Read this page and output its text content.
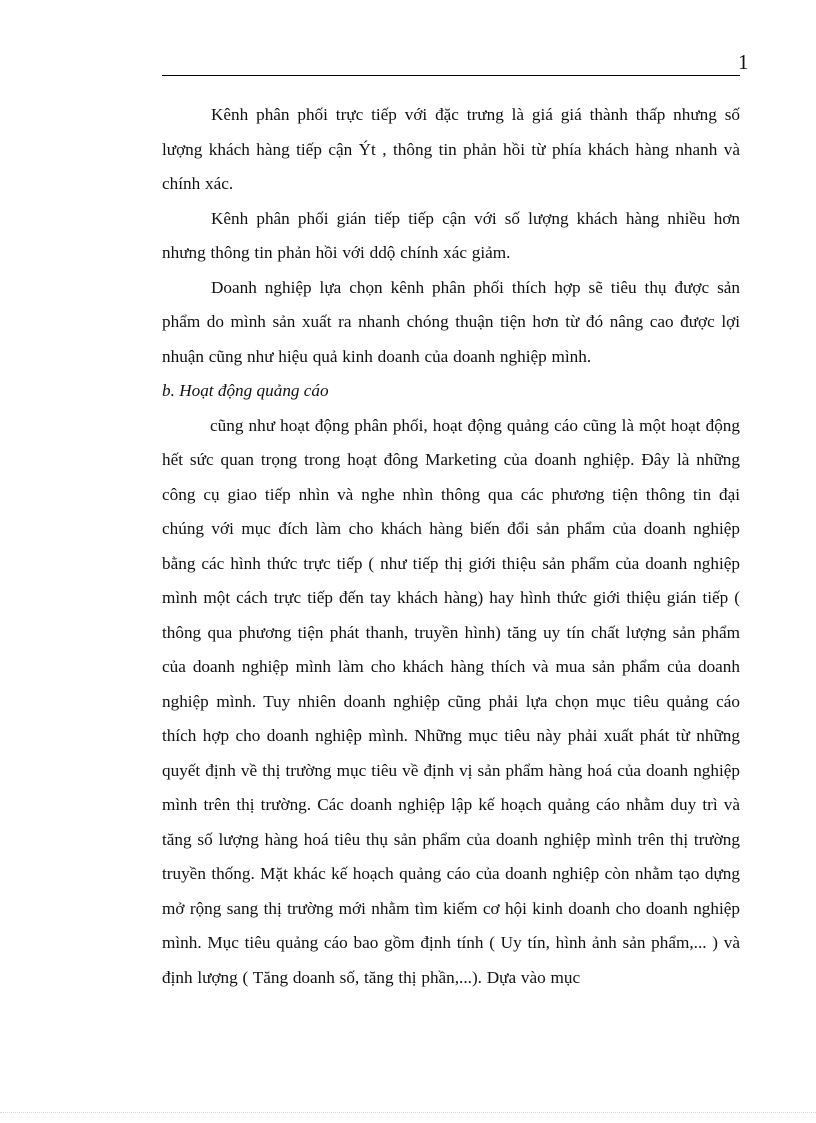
1

Kênh phân phối trực tiếp với đặc trưng là giá giá thành thấp nhưng số lượng khách hàng tiếp cận Ýt , thông tin phản hồi từ phía khách hàng nhanh và chính xác.

Kênh phân phối gián tiếp tiếp cận với số lượng khách hàng nhiều hơn nhưng thông tin phản hồi với ddộ chính xác giảm.

Doanh nghiệp lựa chọn kênh phân phối thích hợp sẽ tiêu thụ được sản phẩm do mình sản xuất ra nhanh chóng thuận tiện hơn từ đó nâng cao được lợi nhuận cũng như hiệu quả kinh doanh của doanh nghiệp mình.

b. Hoạt động quảng cáo

cũng như hoạt động phân phối, hoạt động quảng cáo cũng là một hoạt động hết sức quan trọng trong hoạt đông Marketing của doanh nghiệp. Đây là những công cụ giao tiếp nhìn và nghe nhìn thông qua các phương tiện thông tin đại chúng với mục đích làm cho khách hàng biến đổi sản phẩm của doanh nghiệp bằng các hình thức trực tiếp ( như tiếp thị giới thiệu sản phẩm của doanh nghiệp mình một cách trực tiếp đến tay khách hàng) hay hình thức giới thiệu gián tiếp ( thông qua phương tiện phát thanh, truyền hình) tăng uy tín chất lượng sản phẩm của doanh nghiệp mình làm cho khách hàng thích và mua sản phẩm của doanh nghiệp mình. Tuy nhiên doanh nghiệp cũng phải lựa chọn mục tiêu quảng cáo thích hợp cho doanh nghiệp mình. Những mục tiêu này phải xuất phát từ những quyết định về thị trường mục tiêu về định vị sản phẩm hàng hoá của doanh nghiệp mình trên thị trường. Các doanh nghiệp lập kế hoạch quảng cáo nhằm duy trì và tăng số lượng hàng hoá tiêu thụ sản phẩm của doanh nghiệp mình trên thị trường truyền thống. Mặt khác kế hoạch quảng cáo của doanh nghiệp còn nhằm tạo dựng mở rộng sang thị trường mới nhằm tìm kiếm cơ hội kinh doanh cho doanh nghiệp mình. Mục tiêu quảng cáo bao gồm định tính ( Uy tín, hình ảnh sản phẩm,... ) và định lượng ( Tăng doanh số, tăng thị phần,...). Dựa vào mục
